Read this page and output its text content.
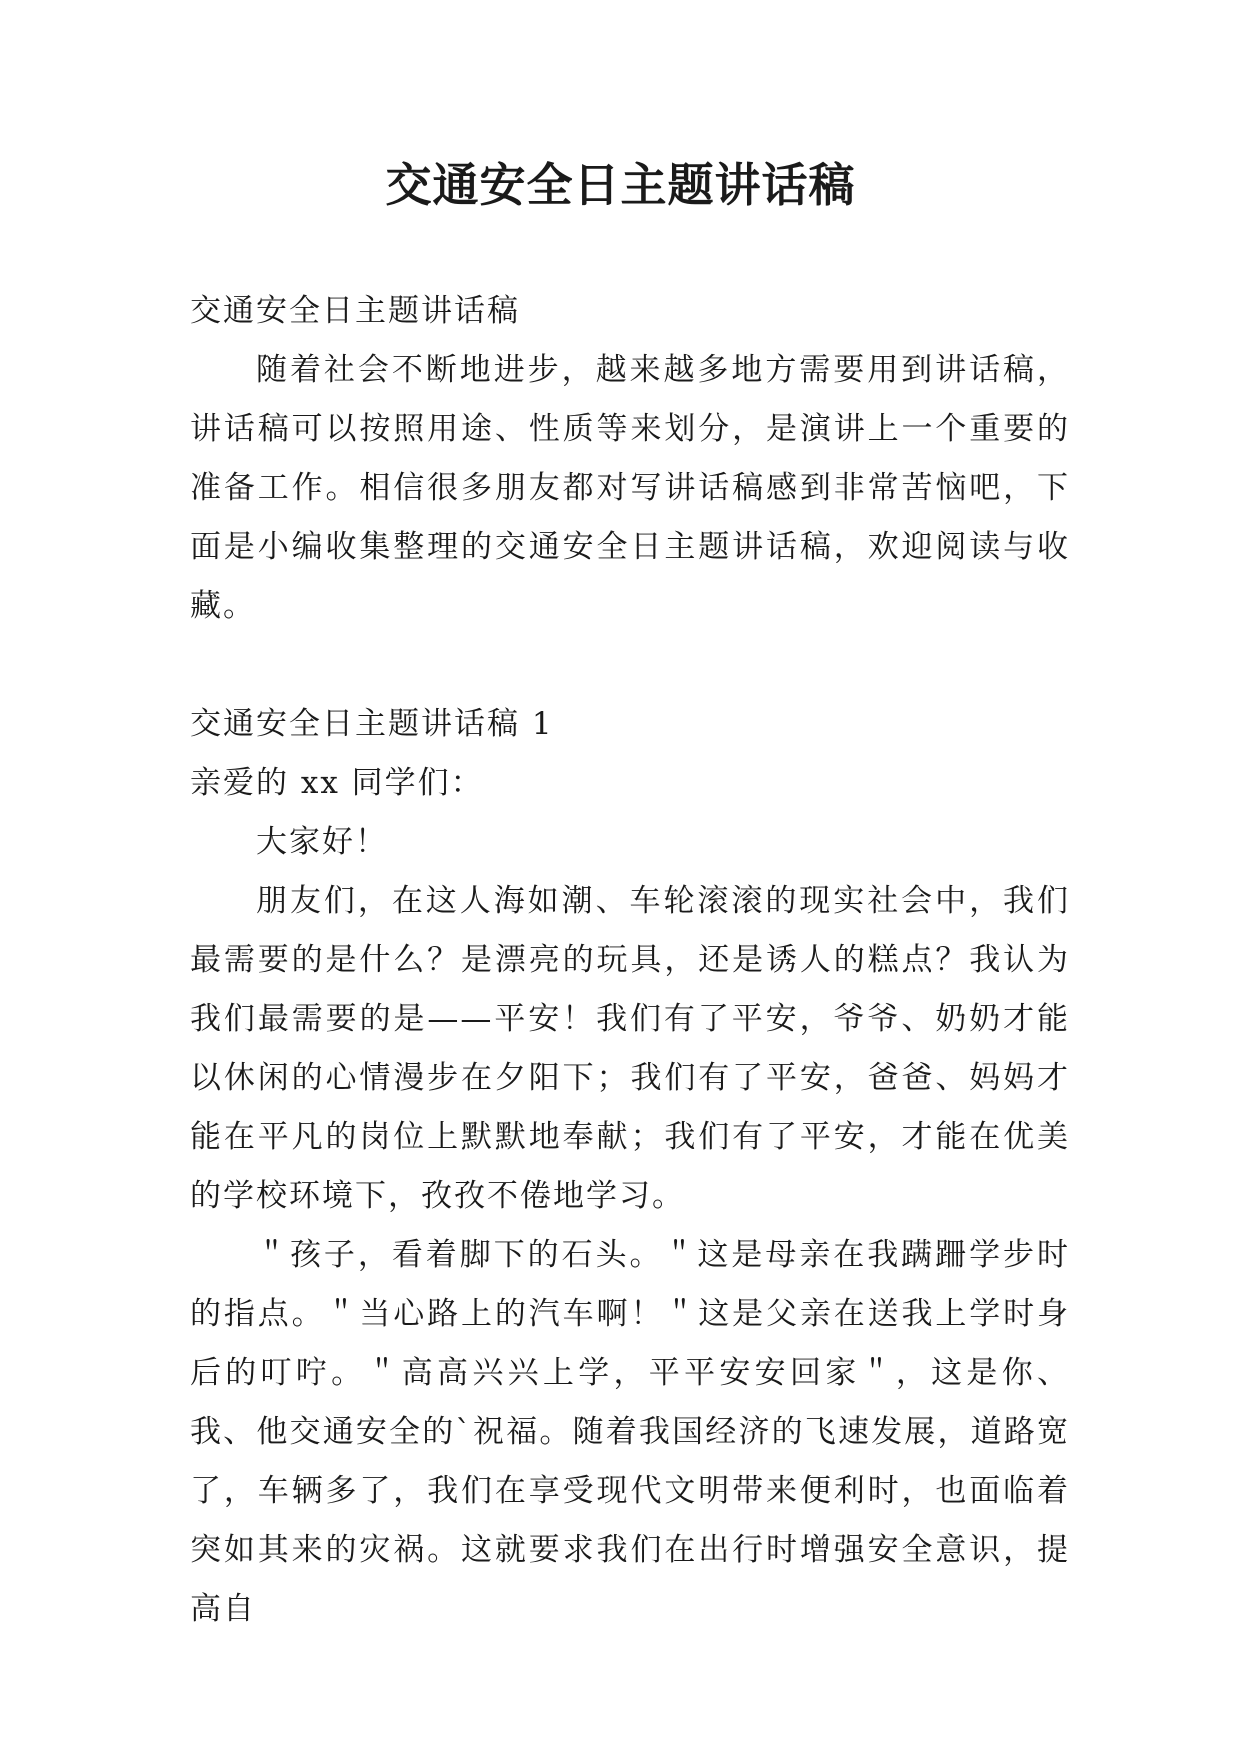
交通安全日主题讲话稿

交通安全日主题讲话稿

随着社会不断地进步，越来越多地方需要用到讲话稿，讲话稿可以按照用途、性质等来划分，是演讲上一个重要的准备工作。相信很多朋友都对写讲话稿感到非常苦恼吧，下面是小编收集整理的交通安全日主题讲话稿，欢迎阅读与收藏。

交通安全日主题讲话稿 1

亲爱的 xx 同学们：

大家好！

朋友们，在这人海如潮、车轮滚滚的现实社会中，我们最需要的是什么？是漂亮的玩具，还是诱人的糕点？我认为我们最需要的是——平安！我们有了平安，爷爷、奶奶才能以休闲的心情漫步在夕阳下；我们有了平安，爸爸、妈妈才能在平凡的岗位上默默地奉献；我们有了平安，才能在优美的学校环境下，孜孜不倦地学习。

＂孩子，看着脚下的石头。＂这是母亲在我蹒跚学步时的指点。＂当心路上的汽车啊！＂这是父亲在送我上学时身后的叮咛。＂高高兴兴上学，平平安安回家＂，这是你、我、他交通安全的`祝福。随着我国经济的飞速发展，道路宽了，车辆多了，我们在享受现代文明带来便利时，也面临着突如其来的灾祸。这就要求我们在出行时增强安全意识，提高自
